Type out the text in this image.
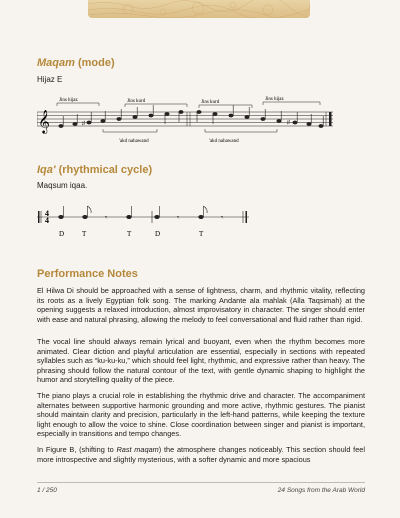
Maqam (mode)
Hijaz E
𝄞
Jins hijaz	Jins kurd	Jins kurd
Jins hijaz
'akd nahawand	'akd nahawand
♯	♯
Iqa' (rhythmical cycle)
Maqsum iqaa.
4
4	𝄾	𝄾	𝄾
D	T	T	D	T
Performance Notes

El Hilwa Di should be approached with a sense of lightness, charm, and rhythmic vitality, reflecting its roots as a lively Egyptian folk song. The marking Andante ala mahlak (Alla Taqsimah) at the opening suggests a relaxed introduction, almost improvisatory in character. The singer should enter with ease and natural phrasing, allowing the melody to feel conversational and fluid rather than rigid.

The vocal line should always remain lyrical and buoyant, even when the rhythm becomes more animated. Clear diction and playful articulation are essential, especially in sections with repeated syllables such as “ku-ku-ku,” which should feel light, rhythmic, and expressive rather than heavy. The phrasing should follow the natural contour of the text, with gentle dynamic shaping to highlight the humor and storytelling quality of the piece.

The piano plays a crucial role in establishing the rhythmic drive and character. The accompaniment alternates between supportive harmonic grounding and more active, rhythmic gestures. The pianist should maintain clarity and precision, particularly in the left-hand patterns, while keeping the texture light enough to allow the voice to shine. Close coordination between singer and pianist is important, especially in transitions and tempo changes.

In Figure B, (shifting to Rast maqam) the atmosphere changes noticeably. This section should feel more introspective and slightly mysterious, with a softer dynamic and more spacious

1 / 250	24 Songs from the Arab World
